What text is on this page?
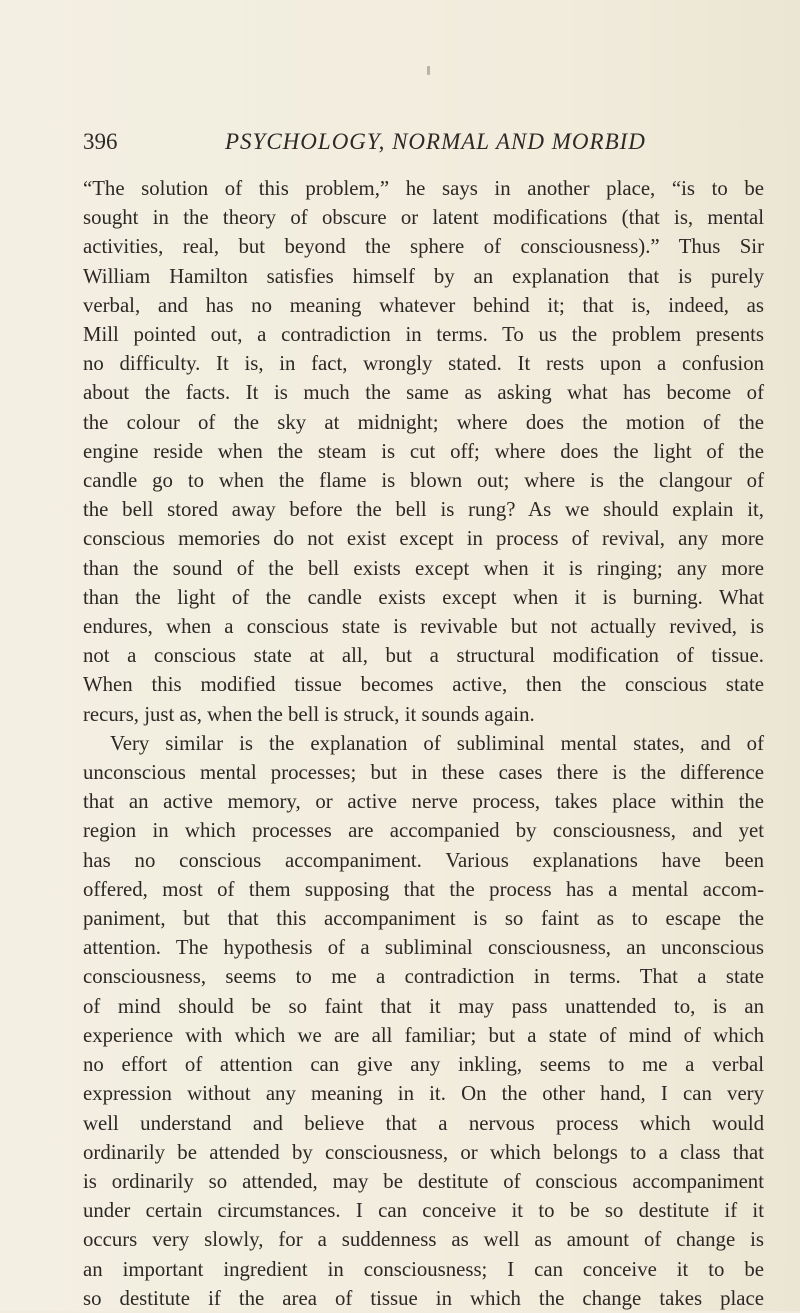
396	PSYCHOLOGY, NORMAL AND MORBID
“The solution of this problem,” he says in another place, “is to be
sought in the theory of obscure or latent modifications (that is, mental
activities, real, but beyond the sphere of consciousness).” Thus Sir
William Hamilton satisfies himself by an explanation that is purely
verbal, and has no meaning whatever behind it; that is, indeed, as
Mill pointed out, a contradiction in terms. To us the problem presents
no difficulty. It is, in fact, wrongly stated. It rests upon a confusion
about the facts. It is much the same as asking what has become of
the colour of the sky at midnight; where does the motion of the
engine reside when the steam is cut off; where does the light of the
candle go to when the flame is blown out; where is the clangour of
the bell stored away before the bell is rung? As we should explain it,
conscious memories do not exist except in process of revival, any more
than the sound of the bell exists except when it is ringing; any more
than the light of the candle exists except when it is burning. What
endures, when a conscious state is revivable but not actually revived, is
not a conscious state at all, but a structural modification of tissue.
When this modified tissue becomes active, then the conscious state
recurs, just as, when the bell is struck, it sounds again.
Very similar is the explanation of subliminal mental states, and of
unconscious mental processes; but in these cases there is the difference
that an active memory, or active nerve process, takes place within the
region in which processes are accompanied by consciousness, and yet
has no conscious accompaniment. Various explanations have been
offered, most of them supposing that the process has a mental accom-
paniment, but that this accompaniment is so faint as to escape the
attention. The hypothesis of a subliminal consciousness, an unconscious
consciousness, seems to me a contradiction in terms. That a state
of mind should be so faint that it may pass unattended to, is an
experience with which we are all familiar; but a state of mind of which
no effort of attention can give any inkling, seems to me a verbal
expression without any meaning in it. On the other hand, I can very
well understand and believe that a nervous process which would
ordinarily be attended by consciousness, or which belongs to a class that
is ordinarily so attended, may be destitute of conscious accompaniment
under certain circumstances. I can conceive it to be so destitute if it
occurs very slowly, for a suddenness as well as amount of change is
an important ingredient in consciousness; I can conceive it to be
so destitute if the area of tissue in which the change takes place
